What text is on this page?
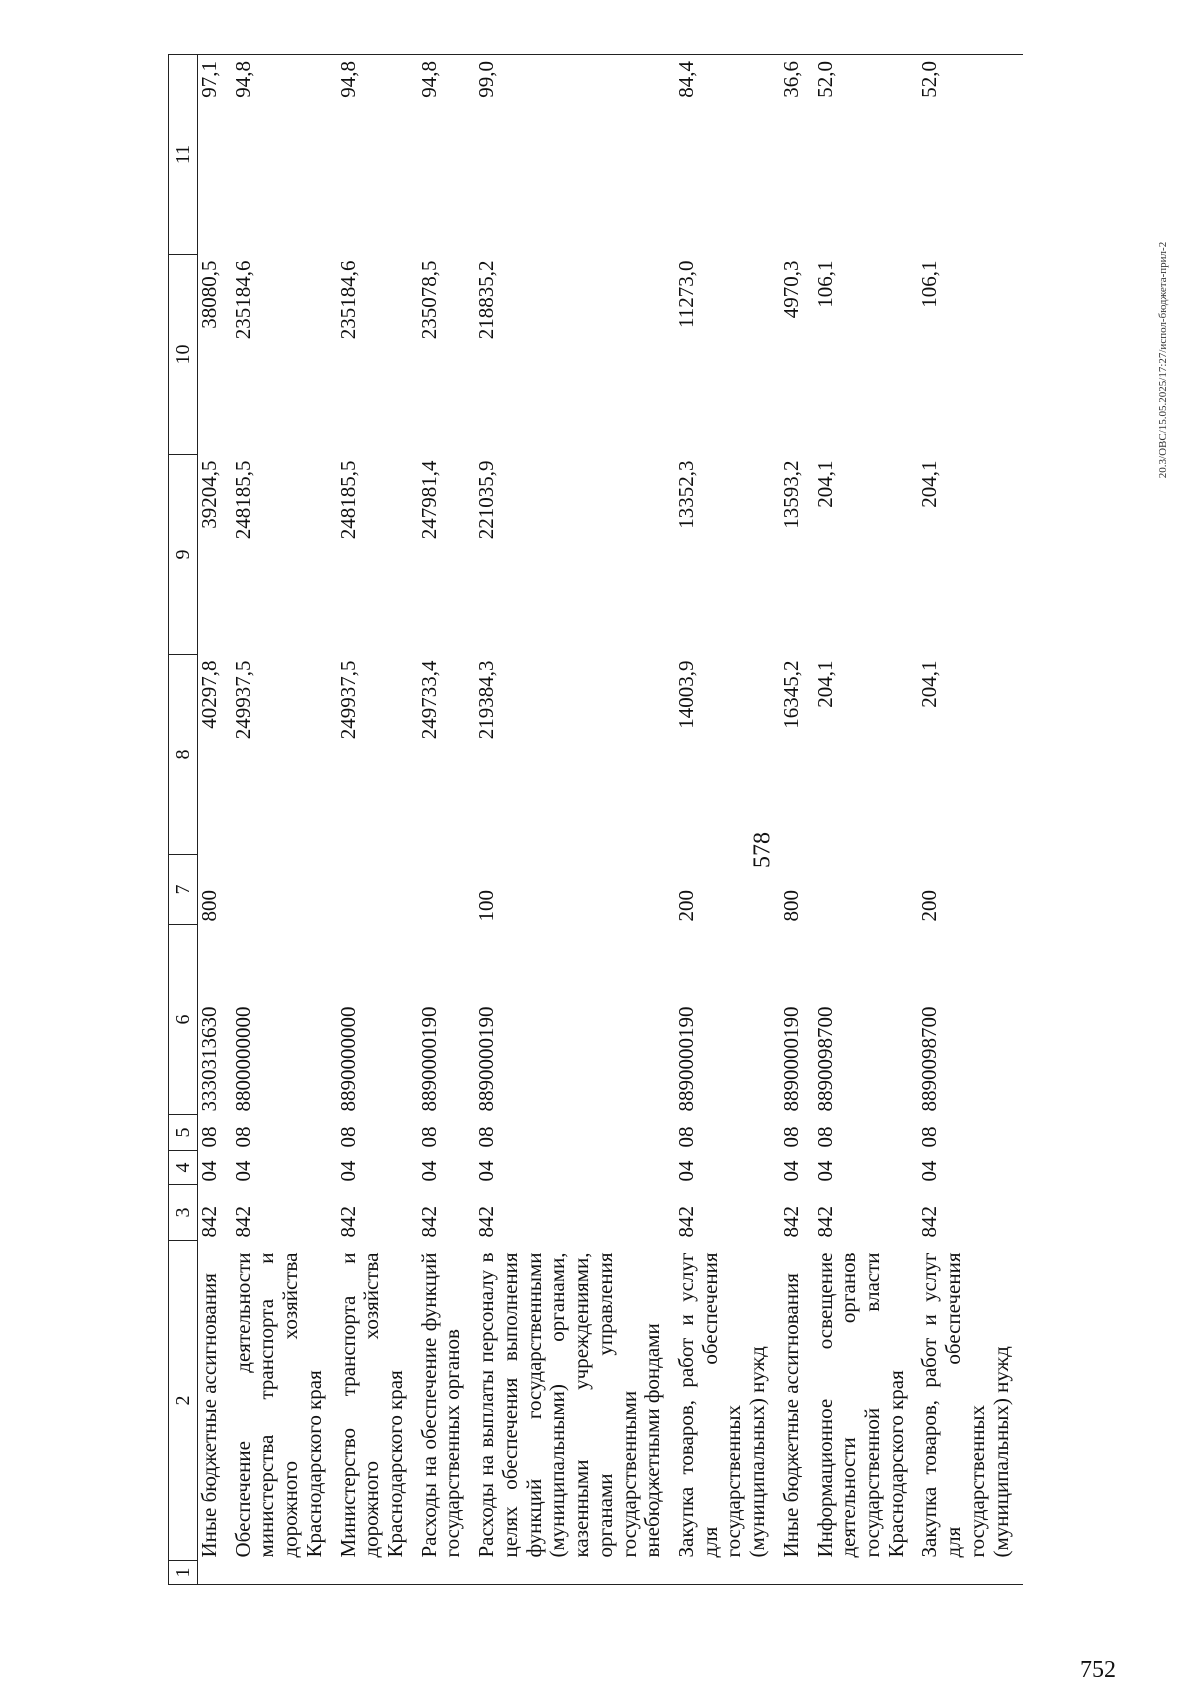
578
1	2	3	4	5	6	7	8	9	10	11
	Иные бюджетные ассигнования	842	04	08	3330313630	800	40297,8	39204,5	38080,5	97,1
	Обеспечение деятельности министерства транспорта и дорожного хозяйства Краснодарского края	842	04	08	8800000000		249937,5	248185,5	235184,6	94,8
	Министерство транспорта и дорожного хозяйства Краснодарского края	842	04	08	8890000000		249937,5	248185,5	235184,6	94,8
	Расходы на обеспечение функций государственных органов	842	04	08	8890000190		249733,4	247981,4	235078,5	94,8
	Расходы на выплаты персоналу в целях обеспечения выполнения функций государственными (муниципальными) органами, казенными учреждениями, органами управления государственными внебюджетными фондами	842	04	08	8890000190	100	219384,3	221035,9	218835,2	99,0
	Закупка товаров, работ и услуг для обеспечения государственных (муниципальных) нужд	842	04	08	8890000190	200	14003,9	13352,3	11273,0	84,4
	Иные бюджетные ассигнования	842	04	08	8890000190	800	16345,2	13593,2	4970,3	36,6
	Информационное освещение деятельности органов государственной власти Краснодарского края	842	04	08	8890098700		204,1	204,1	106,1	52,0
	Закупка товаров, работ и услуг для обеспечения государственных (муниципальных) нужд	842	04	08	8890098700	200	204,1	204,1	106,1	52,0
20.3/ОВС/15.05.2025/17:27/испол-бюджета-прил-2
752
